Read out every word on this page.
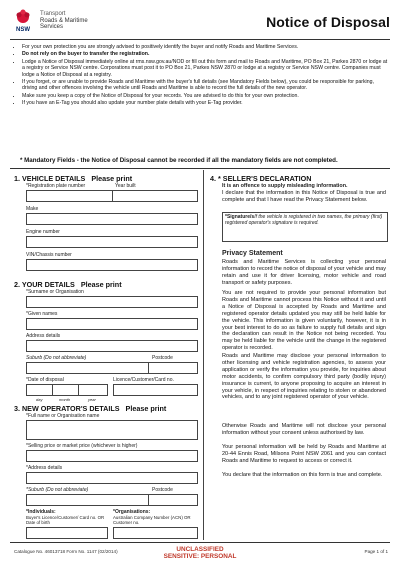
NSW
Transport
Roads & Maritime
Services	Notice of Disposal
• For your own protection you are strongly advised to positively identify the buyer and notify Roads and Maritime Services.
• Do not rely on the buyer to transfer the registration.
• Lodge a Notice of Disposal immediately online at rms.nsw.gov.au/NOD or fill out this form and mail to Roads and Maritime, PO Box 21, Parkes 2870 or lodge at a registry or Service NSW centre. Corporations must post it to PO Box 21, Parkes NSW 2870 or lodge at a registry or Service NSW centre. Companies must lodge a Notice of Disposal at a registry.
• If you forget, or are unable to provide Roads and Maritime with the buyer's full details (see Mandatory Fields below), you could be responsible for parking, driving and other offences involving the vehicle until Roads and Maritime is able to record the full details of the new operator.
• Make sure you keep a copy of the Notice of Disposal for your records. You are advised to do this for your own protection.
• If you have an E-Tag you should also update your number plate details with your E-Tag provider.
* Mandatory Fields - the Notice of Disposal cannot be recorded if all the mandatory fields are not completed.
1. VEHICLE DETAILS Please print
*Registration plate number	Year built
Make
Engine number
VIN/Chassis number
2. YOUR DETAILS Please print
*Surname or Organisation
*Given names
Address details
Suburb (Do not abbreviate)	Postcode
*Date of disposal	Licence/Customer/Card no.
day	month	year
3. NEW OPERATOR'S DETAILS Please print
*Full name or Organisation name
*Selling price or market price (whichever is higher)
*Address details
*Suburb (Do not abbreviate)	Postcode
*Individuals:
Buyer's Licence/Customer/ Card no. OR Date of birth
*Organisations:
Australian Company Number (ACN) OR Customer no.
4. * SELLER'S DECLARATION
It is an offence to supply misleading information.
I declare that the information in this Notice of Disposal is true and complete and that I have read the Privacy Statement below.
*Signature/sIf the vehicle is registered in two names, the primary (first) registered operator's signature is required.
Privacy Statement
Roads and Maritime Services is collecting your personal information to record the notice of disposal of your vehicle and may retain and use it for driver licensing, motor vehicle and road transport or safety purposes.
You are not required to provide your personal information but Roads and Maritime cannot process this Notice without it and until a Notice of Disposal is accepted by Roads and Maritime and registered operator details updated you may still be held liable for the vehicle. This information is given voluntarily, however, it is in your best interest to do so as failure to supply full details and sign the declaration can result in the Notice not being recorded. You may be held liable for the vehicle until the change in the registered operator is recorded.
Roads and Maritime may disclose your personal information to other licensing and vehicle registration agencies, to assess your application or verify the information you provide, for inquiries about motor accidents, to confirm compulsory third party (bodily injury) insurance is current, to anyone proposing to acquire an interest in your vehicle, in respect of inquiries relating to stolen or abandoned vehicles, and to any joint registered operator of your vehicle.
Otherwise Roads and Maritime will not disclose your personal information without your consent unless authorised by law.
Your personal information will be held by Roads and Maritime at 20-44 Ennis Road, Milsons Point NSW 2061 and you can contact Roads and Maritime to request to access or correct it.
You declare that the information on this form is true and complete.
Catalogue No. 46013718 Form No. 1147 (02/2014)	UNCLASSIFIED
SENSITIVE: PERSONAL
Page 1 of 1
